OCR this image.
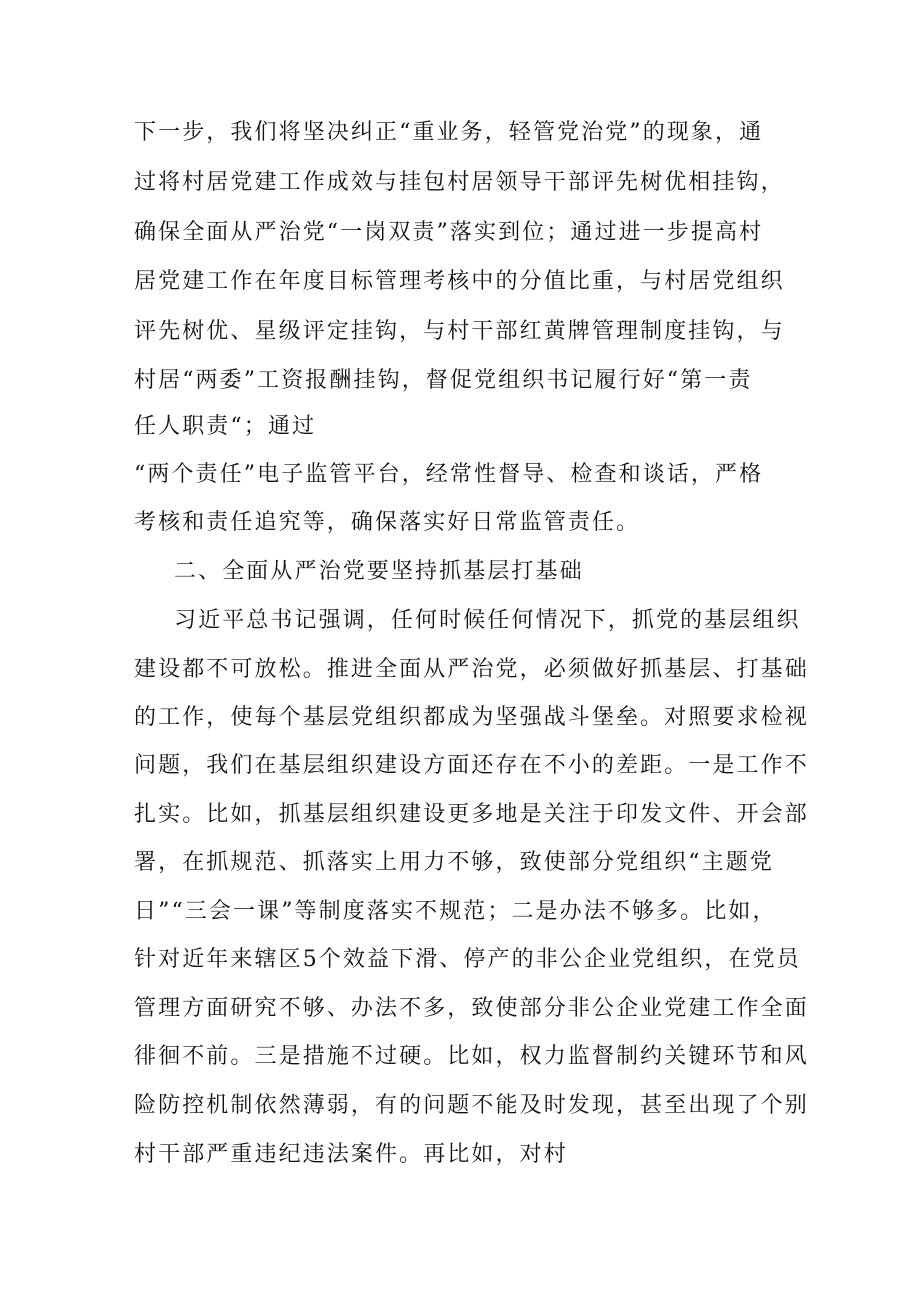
下一步，我们将坚决纠正“重业务，轻管党治党”的现象，通
过将村居党建工作成效与挂包村居领导干部评先树优相挂钩，
确保全面从严治党“一岗双责”落实到位；通过进一步提高村
居党建工作在年度目标管理考核中的分值比重，与村居党组织
评先树优、星级评定挂钩，与村干部红黄牌管理制度挂钩，与
村居“两委”工资报酬挂钩，督促党组织书记履行好“第一责
任人职责“；通过
“两个责任”电子监管平台，经常性督导、检查和谈话，严格
考核和责任追究等，确保落实好日常监管责任。
二、全面从严治党要坚持抓基层打基础
习近平总书记强调，任何时候任何情况下，抓党的基层组织
建设都不可放松。推进全面从严治党，必须做好抓基层、打基础
的工作，使每个基层党组织都成为坚强战斗堡垒。对照要求检视
问题，我们在基层组织建设方面还存在不小的差距。一是工作不
扎实。比如，抓基层组织建设更多地是关注于印发文件、开会部
署，在抓规范、抓落实上用力不够，致使部分党组织“主题党
日”“三会一课”等制度落实不规范；二是办法不够多。比如，
针对近年来辖区5个效益下滑、停产的非公企业党组织，在党员
管理方面研究不够、办法不多，致使部分非公企业党建工作全面
徘徊不前。三是措施不过硬。比如，权力监督制约关键环节和风
险防控机制依然薄弱，有的问题不能及时发现，甚至出现了个别
村干部严重违纪违法案件。再比如，对村
